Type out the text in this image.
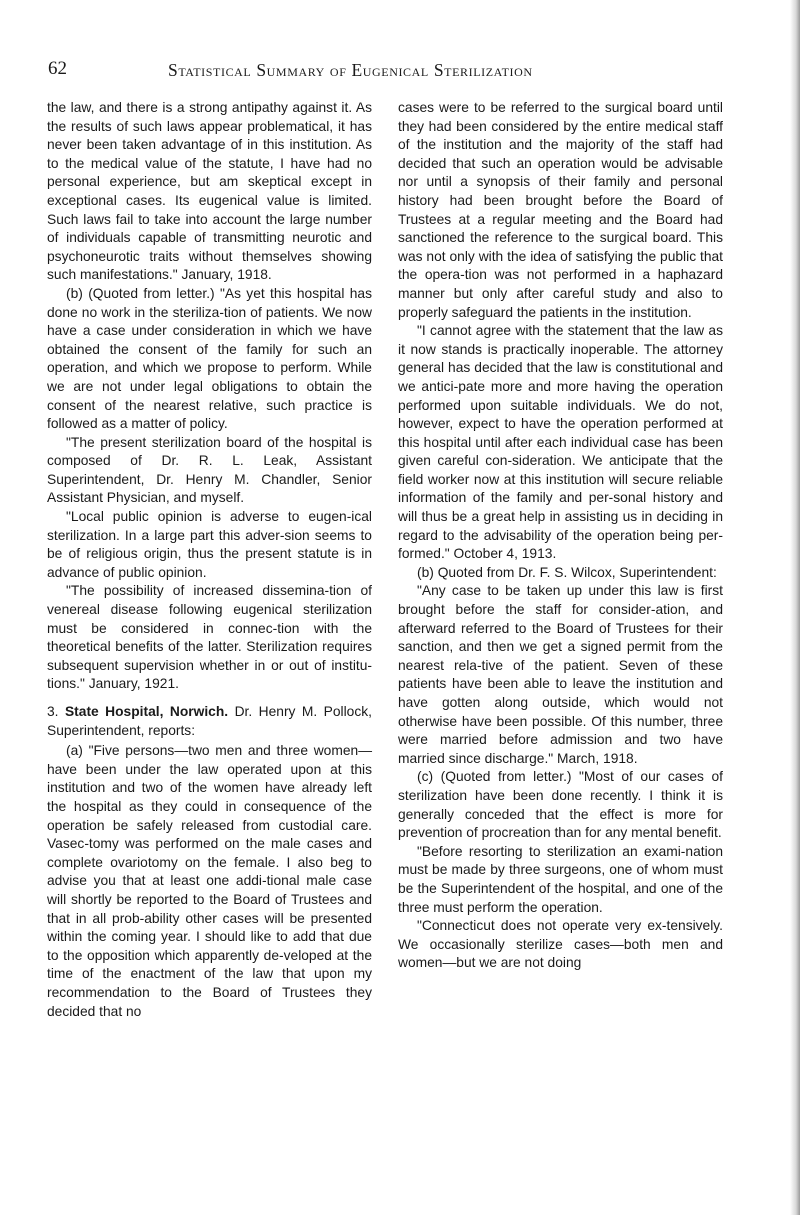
62	Statistical Summary of Eugenical Sterilization

the law, and there is a strong antipathy against it. As the results of such laws appear problematical, it has never been taken advantage of in this institution. As to the medical value of the statute, I have had no personal experience, but am skeptical except in exceptional cases. Its eugenical value is limited. Such laws fail to take into account the large number of individuals capable of transmitting neurotic and psychoneurotic traits without themselves showing such manifestations." January, 1918.

(b) (Quoted from letter.) "As yet this hospital has done no work in the steriliza-tion of patients. We now have a case under consideration in which we have obtained the consent of the family for such an operation, and which we propose to perform. While we are not under legal obligations to obtain the consent of the nearest relative, such practice is followed as a matter of policy.

"The present sterilization board of the hospital is composed of Dr. R. L. Leak, Assistant Superintendent, Dr. Henry M. Chandler, Senior Assistant Physician, and myself.

"Local public opinion is adverse to eugen-ical sterilization. In a large part this adver-sion seems to be of religious origin, thus the present statute is in advance of public opinion.

"The possibility of increased dissemina-tion of venereal disease following eugenical sterilization must be considered in connec-tion with the theoretical benefits of the latter. Sterilization requires subsequent supervision whether in or out of institu-tions." January, 1921.

3. State Hospital, Norwich. Dr. Henry M. Pollock, Superintendent, reports:

(a) "Five persons—two men and three women—have been under the law operated upon at this institution and two of the women have already left the hospital as they could in consequence of the operation be safely released from custodial care. Vasec-tomy was performed on the male cases and complete ovariotomy on the female. I also beg to advise you that at least one addi-tional male case will shortly be reported to the Board of Trustees and that in all prob-ability other cases will be presented within the coming year. I should like to add that due to the opposition which apparently de-veloped at the time of the enactment of the law that upon my recommendation to the Board of Trustees they decided that no

cases were to be referred to the surgical board until they had been considered by the entire medical staff of the institution and the majority of the staff had decided that such an operation would be advisable nor until a synopsis of their family and personal history had been brought before the Board of Trustees at a regular meeting and the Board had sanctioned the reference to the surgical board. This was not only with the idea of satisfying the public that the opera-tion was not performed in a haphazard manner but only after careful study and also to properly safeguard the patients in the institution.

"I cannot agree with the statement that the law as it now stands is practically inoperable. The attorney general has decided that the law is constitutional and we antici-pate more and more having the operation performed upon suitable individuals. We do not, however, expect to have the operation performed at this hospital until after each individual case has been given careful con-sideration. We anticipate that the field worker now at this institution will secure reliable information of the family and per-sonal history and will thus be a great help in assisting us in deciding in regard to the advisability of the operation being per-formed." October 4, 1913.

(b) Quoted from Dr. F. S. Wilcox, Superintendent:

"Any case to be taken up under this law is first brought before the staff for consider-ation, and afterward referred to the Board of Trustees for their sanction, and then we get a signed permit from the nearest rela-tive of the patient. Seven of these patients have been able to leave the institution and have gotten along outside, which would not otherwise have been possible. Of this number, three were married before admission and two have married since discharge." March, 1918.

(c) (Quoted from letter.) "Most of our cases of sterilization have been done recently. I think it is generally conceded that the effect is more for prevention of procreation than for any mental benefit.

"Before resorting to sterilization an exami-nation must be made by three surgeons, one of whom must be the Superintendent of the hospital, and one of the three must perform the operation.

"Connecticut does not operate very ex-tensively. We occasionally sterilize cases—both men and women—but we are not doing
